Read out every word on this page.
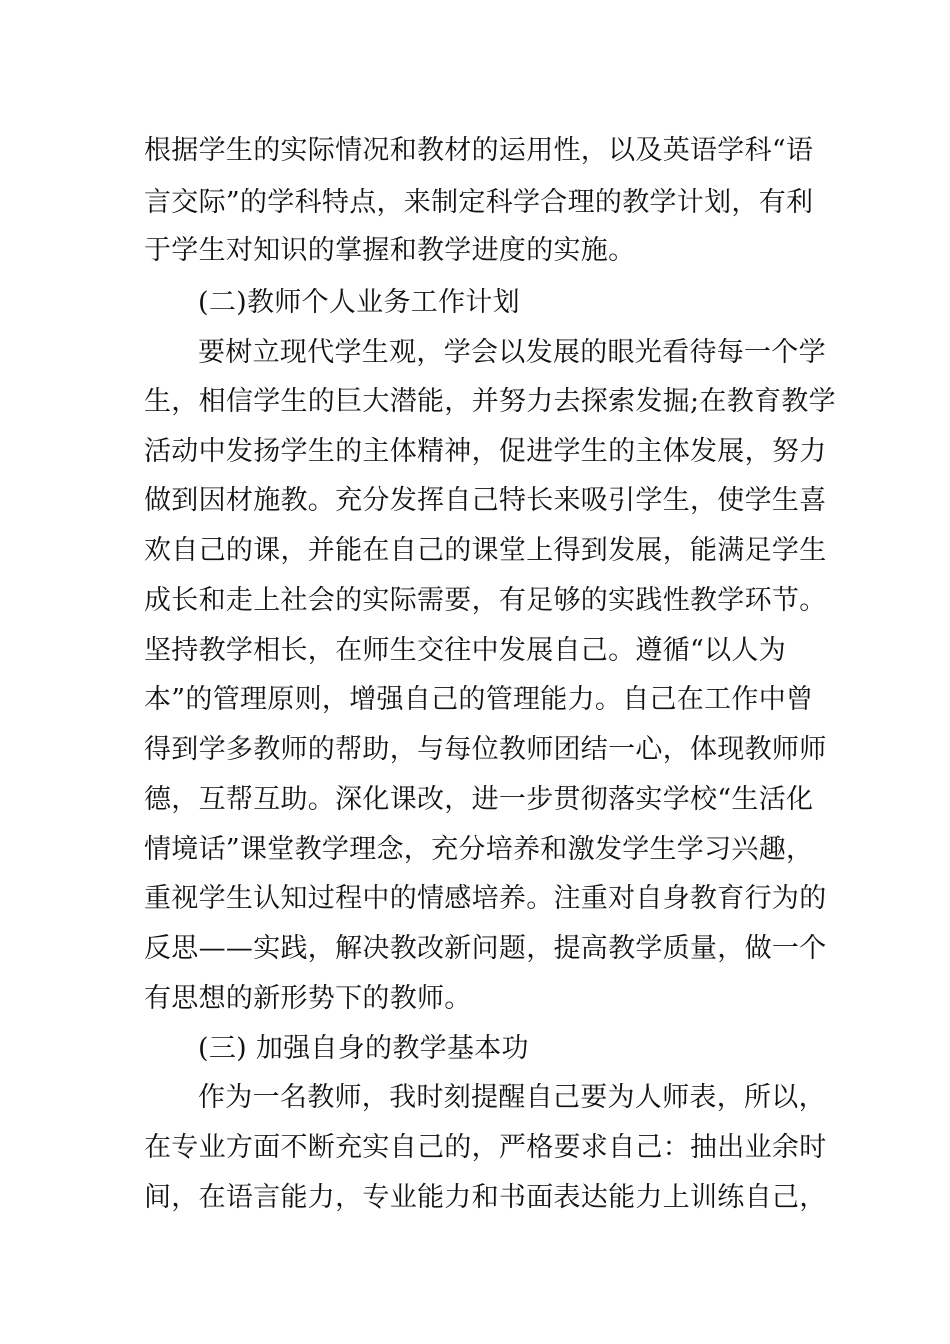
根据学生的实际情况和教材的运用性，以及英语学科“语

言交际”的学科特点，来制定科学合理的教学计划，有利

于学生对知识的掌握和教学进度的实施。

(二)教师个人业务工作计划

要树立现代学生观，学会以发展的眼光看待每一个学

生，相信学生的巨大潜能，并努力去探索发掘;在教育教学

活动中发扬学生的主体精神，促进学生的主体发展，努力

做到因材施教。充分发挥自己特长来吸引学生，使学生喜

欢自己的课，并能在自己的课堂上得到发展，能满足学生

成长和走上社会的实际需要，有足够的实践性教学环节。

坚持教学相长，在师生交往中发展自己。遵循“以人为

本”的管理原则，增强自己的管理能力。自己在工作中曾

得到学多教师的帮助，与每位教师团结一心，体现教师师

德，互帮互助。深化课改，进一步贯彻落实学校“生活化

情境话”课堂教学理念，充分培养和激发学生学习兴趣，

重视学生认知过程中的情感培养。注重对自身教育行为的

反思——实践，解决教改新问题，提高教学质量，做一个

有思想的新形势下的教师。

(三) 加强自身的教学基本功

作为一名教师，我时刻提醒自己要为人师表，所以，

在专业方面不断充实自己的，严格要求自己：抽出业余时

间，在语言能力，专业能力和书面表达能力上训练自己，
